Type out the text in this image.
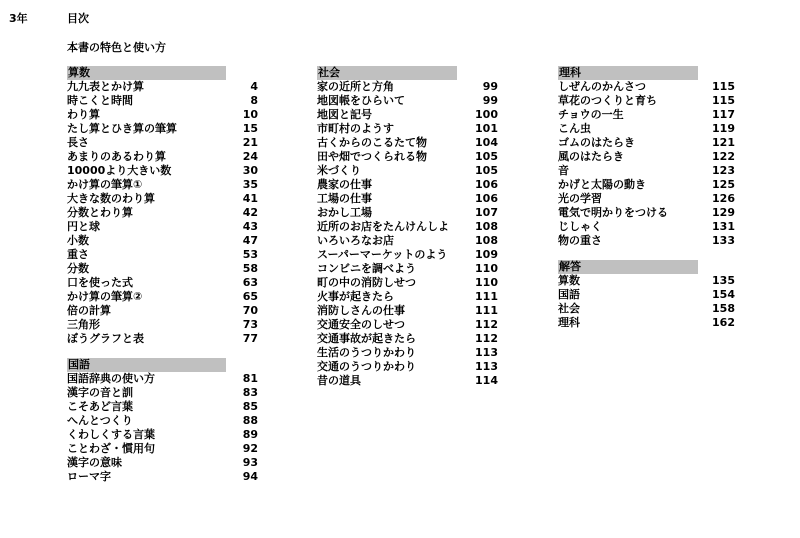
3年	目次
本書の特色と使い方
算数
九九表とかけ算	4
時こくと時間	8
わり算	10
たし算とひき算の筆算	15
長さ	21
あまりのあるわり算	24
10000より大きい数	30
かけ算の筆算①	35
大きな数のわり算	41
分数とわり算	42
円と球	43
小数	47
重さ	53
分数	58
口を使った式	63
かけ算の筆算②	65
倍の計算	70
三角形	73
ぼうグラフと表	77
国語
国語辞典の使い方	81
漢字の音と訓	83
こそあど言葉	85
へんとつくり	88
くわしくする言葉	89
ことわざ・慣用句	92
漢字の意味	93
ローマ字	94
社会
家の近所と方角	99
地図帳をひらいて	99
地図と記号	100
市町村のようす	101
古くからのこるたて物	104
田や畑でつくられる物	105
米づくり	105
農家の仕事	106
工場の仕事	106
おかし工場	107
近所のお店をたんけんしよ	108
いろいろなお店	108
スーパーマーケットのよう	109
コンビニを調べよう	110
町の中の消防しせつ	110
火事が起きたら	111
消防しさんの仕事	111
交通安全のしせつ	112
交通事故が起きたら	112
生活のうつりかわり	113
交通のうつりかわり	113
昔の道具	114
理科
しぜんのかんさつ	115
草花のつくりと育ち	115
チョウの一生	117
こん虫	119
ゴムのはたらき	121
風のはたらき	122
音	123
かげと太陽の動き	125
光の学習	126
電気で明かりをつける	129
じしゃく	131
物の重さ	133
解答
算数	135
国語	154
社会	158
理科	162
